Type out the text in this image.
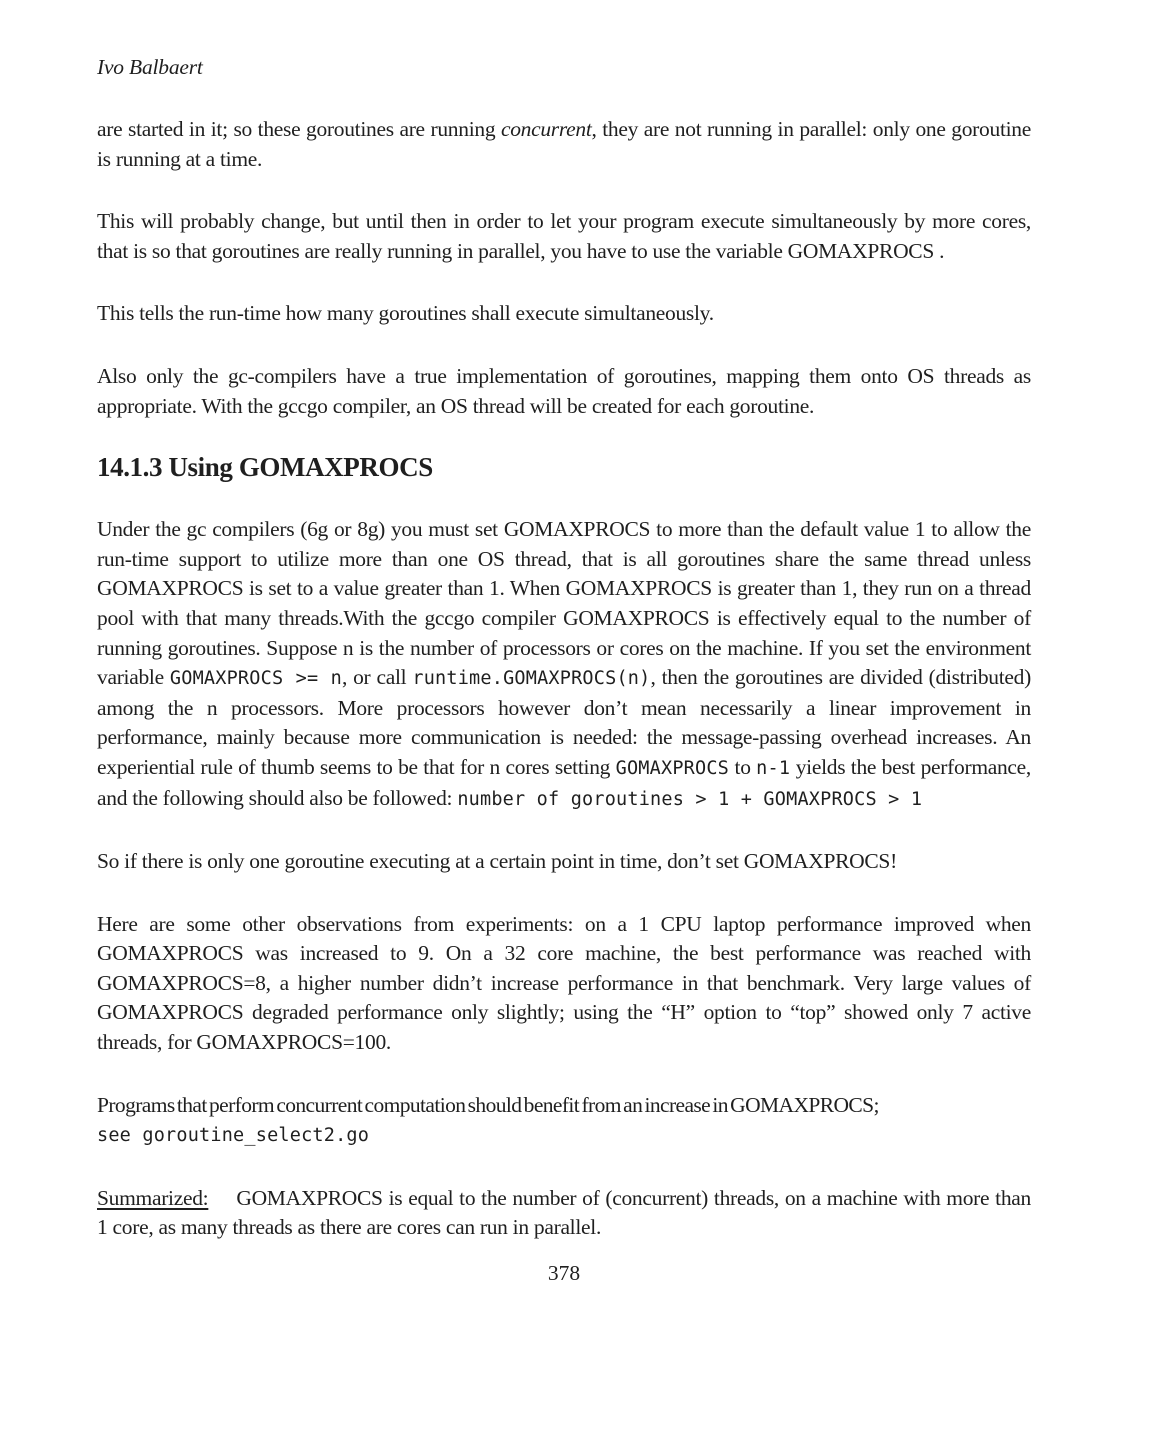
Ivo Balbaert

are started in it; so these goroutines are running concurrent, they are not running in parallel: only one goroutine is running at a time.

This will probably change, but until then in order to let your program execute simultaneously by more cores, that is so that goroutines are really running in parallel, you have to use the variable GOMAXPROCS .

This tells the run-time how many goroutines shall execute simultaneously.

Also only the gc-compilers have a true implementation of goroutines, mapping them onto OS threads as appropriate. With the gccgo compiler, an OS thread will be created for each goroutine.

14.1.3 Using GOMAXPROCS

Under the gc compilers (6g or 8g) you must set GOMAXPROCS to more than the default value 1 to allow the run-time support to utilize more than one OS thread, that is all goroutines share the same thread unless GOMAXPROCS is set to a value greater than 1. When GOMAXPROCS is greater than 1, they run on a thread pool with that many threads.With the gccgo compiler GOMAXPROCS is effectively equal to the number of running goroutines. Suppose n is the number of processors or cores on the machine. If you set the environment variable GOMAXPROCS >= n, or call runtime.GOMAXPROCS(n), then the goroutines are divided (distributed) among the n processors. More processors however don’t mean necessarily a linear improvement in performance, mainly because more communication is needed: the message-passing overhead increases. An experiential rule of thumb seems to be that for n cores setting GOMAXPROCS to n-1 yields the best performance, and the following should also be followed: number of goroutines > 1 + GOMAXPROCS > 1

So if there is only one goroutine executing at a certain point in time, don’t set GOMAXPROCS!

Here are some other observations from experiments: on a 1 CPU laptop performance improved when GOMAXPROCS was increased to 9. On a 32 core machine, the best performance was reached with GOMAXPROCS=8, a higher number didn’t increase performance in that benchmark. Very large values of GOMAXPROCS degraded performance only slightly; using the “H” option to “top” showed only 7 active threads, for GOMAXPROCS=100.

Programs that perform concurrent computation should benefit from an increase in GOMAXPROCS;
see goroutine_select2.go

Summarized: GOMAXPROCS is equal to the number of (concurrent) threads, on a machine with more than 1 core, as many threads as there are cores can run in parallel.

378
